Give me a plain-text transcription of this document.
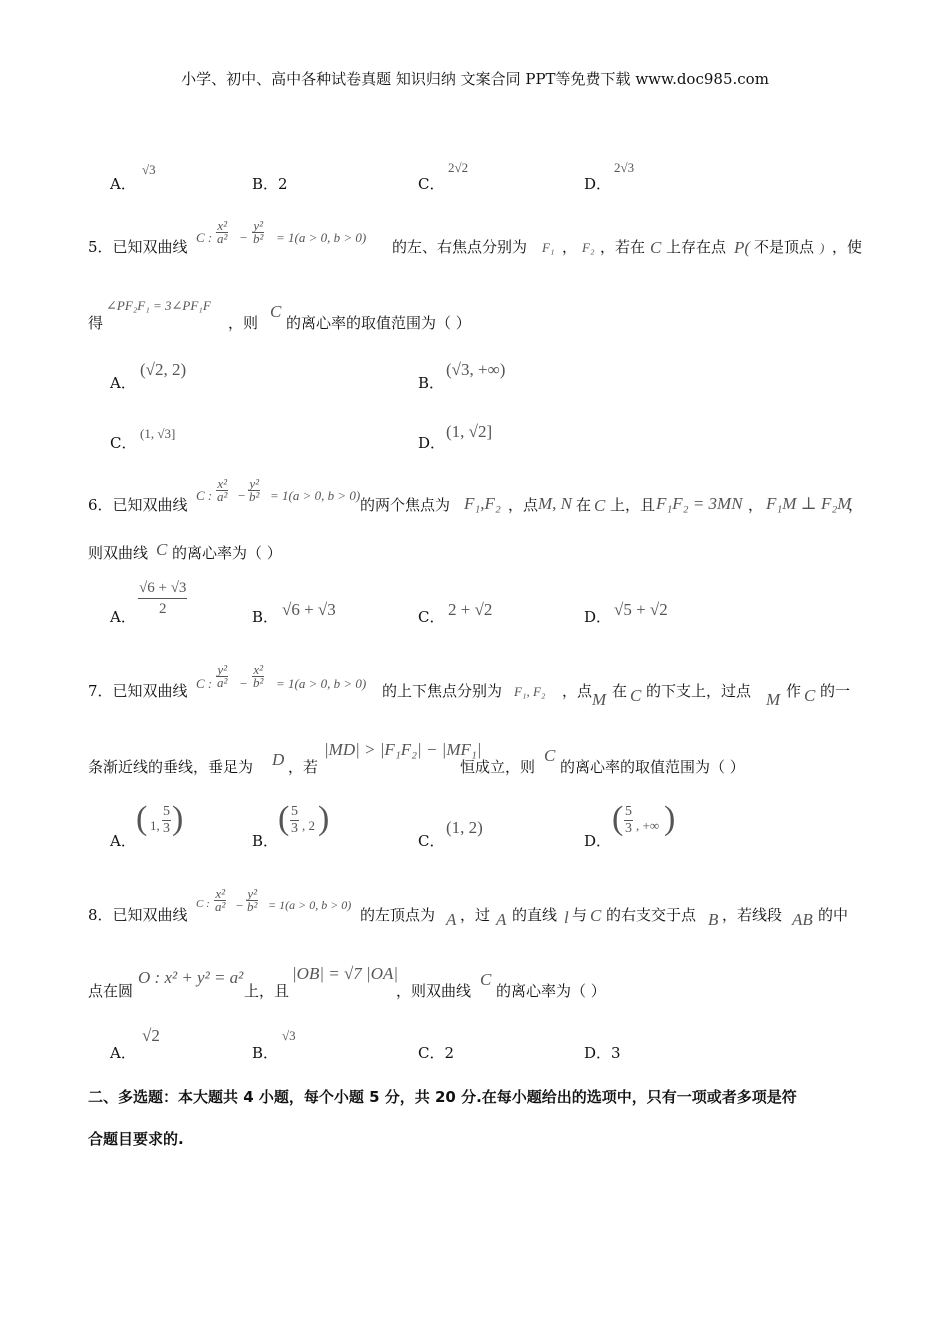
小学、初中、高中各种试卷真题 知识归纳 文案合同 PPT等免费下载 www.doc985.com
A．
√3
B．2	C．
2√2
D．
2√3
5．已知双曲线
C : $\frac{\text{x²}}{\text{a²}} - \frac{\text{y²}}{\text{b²}} = 1(a > 0$, b > 0)
的左、右焦点分别为 F₁ ， F₂ ，若在 C 上存在点 P( 不是顶点 ) ，使
得
∠PF₂F₁ = 3∠PF₁F
，则
C
的离心率的取值范围为（ ）
A．
(√2, 2)
B．
(√3, +∞)
C．
(1, √3]
D．
(1, √2]
6．已知双曲线
C : $\frac{\text{x²}}{\text{a²}} - \frac{\text{y²}}{\text{b²}} = 1(a > 0$, b > 0)
的两个焦点为 F₁,F₂ ，点 M, N 在 C 上，且 F₁F₂ = 3MN ， F₁M ⊥ F₂M
，
则双曲线 C 的离心率为（ ）
A． $\frac{√6 + √3}{2}$	B． √6 + √3	C． 2 + √2	D． √5 + √2
7．已知双曲线 C : $\frac{\text{y²}}{\text{a²}} - \frac{\text{x²}}{\text{b²}} = 1(a > 0$, b > 0) 的上下焦点分别为 F₁, F₂ ，点 M 在 C 的下支上，过点 M 作 C 的一
条渐近线的垂线，垂足为 D ，若
|MD| > |F₁F₂| − |MF₁|
恒成立，则
C
的离心率的取值范围为（ ）
A．
( 1, $\frac{5}{3}$ )
B．
( $\frac{5}{3}$ , 2 )
C．
(1, 2)
D．
( $\frac{5}{3}$ , +∞ )
8．已知双曲线
C : $\frac{\text{x²}}{\text{a²}} - \frac{\text{y²}}{\text{b²}} = 1(a > 0$, b > 0)
的左顶点为 A ，过 A 的直线 l 与 C 的右支交于点 B ，若线段 AB 的中
点在圆
O : x² + y² = a²
上，且
|OB| = √7 |OA|
，则双曲线
C
的离心率为（ ）
A．
√2
B．
√3
C．2	D．3
二、多选题：本大题共 4 小题，每个小题 5 分，共 20 分.在每小题给出的选项中，只有一项或者多项是符
合题目要求的.
